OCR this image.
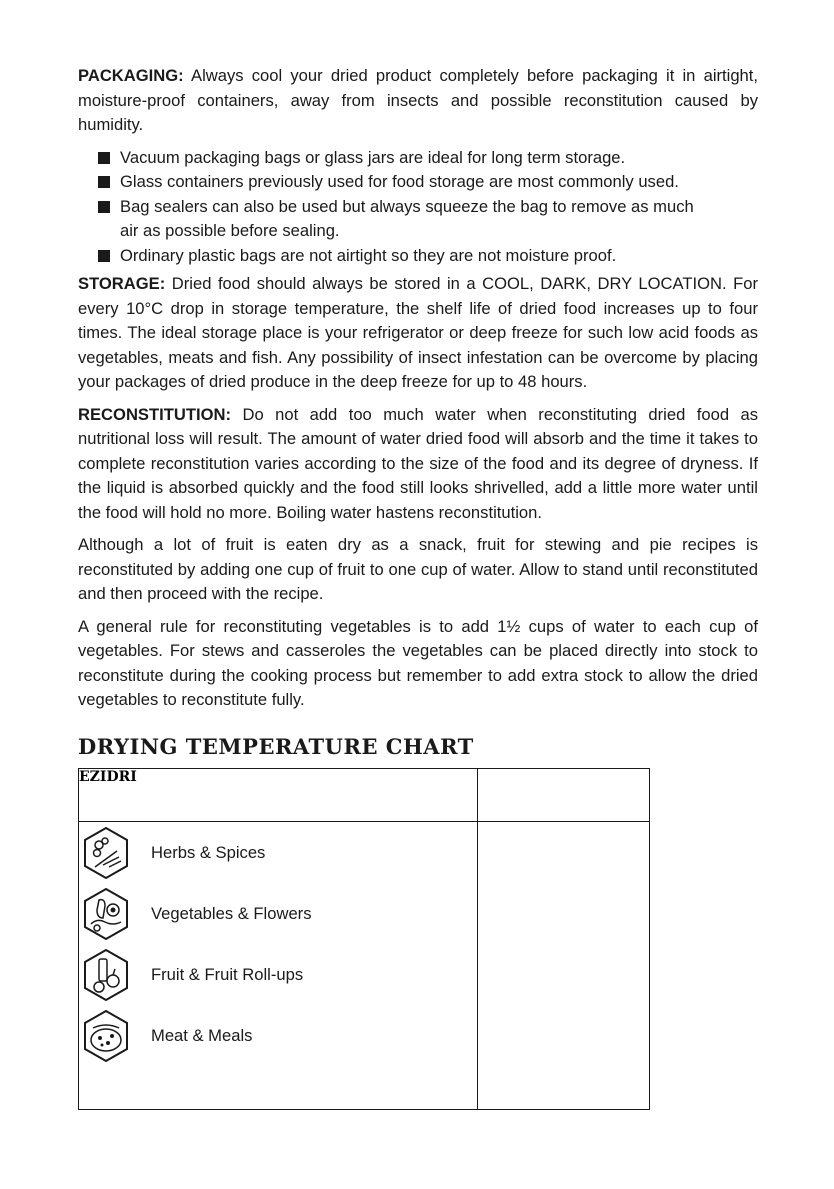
PACKAGING: Always cool your dried product completely before packaging it in airtight, moisture-proof containers, away from insects and possible reconstitution caused by humidity.

Vacuum packaging bags or glass jars are ideal for long term storage.
Glass containers previously used for food storage are most commonly used.
Bag sealers can also be used but always squeeze the bag to remove as much air as possible before sealing.
Ordinary plastic bags are not airtight so they are not moisture proof.

STORAGE: Dried food should always be stored in a COOL, DARK, DRY LOCATION. For every 10°C drop in storage temperature, the shelf life of dried food increases up to four times. The ideal storage place is your refrigerator or deep freeze for such low acid foods as vegetables, meats and fish. Any possibility of insect infestation can be overcome by placing your packages of dried produce in the deep freeze for up to 48 hours.

RECONSTITUTION: Do not add too much water when reconstituting dried food as nutritional loss will result. The amount of water dried food will absorb and the time it takes to complete reconstitution varies according to the size of the food and its degree of dryness. If the liquid is absorbed quickly and the food still looks shrivelled, add a little more water until the food will hold no more. Boiling water hastens reconstitution.

Although a lot of fruit is eaten dry as a snack, fruit for stewing and pie recipes is reconstituted by adding one cup of fruit to one cup of water. Allow to stand until reconstituted and then proceed with the recipe.

A general rule for reconstituting vegetables is to add 1½ cups of water to each cup of vegetables. For stews and casseroles the vegetables can be placed directly into stock to reconstitute during the cooking process but remember to add extra stock to allow the dried vegetables to reconstitute fully.

DRYING TEMPERATURE CHART
EZIDRI	

Herbs & Spices
Vegetables & Flowers
Fruit & Fruit Roll-ups
Meat & Meals	
